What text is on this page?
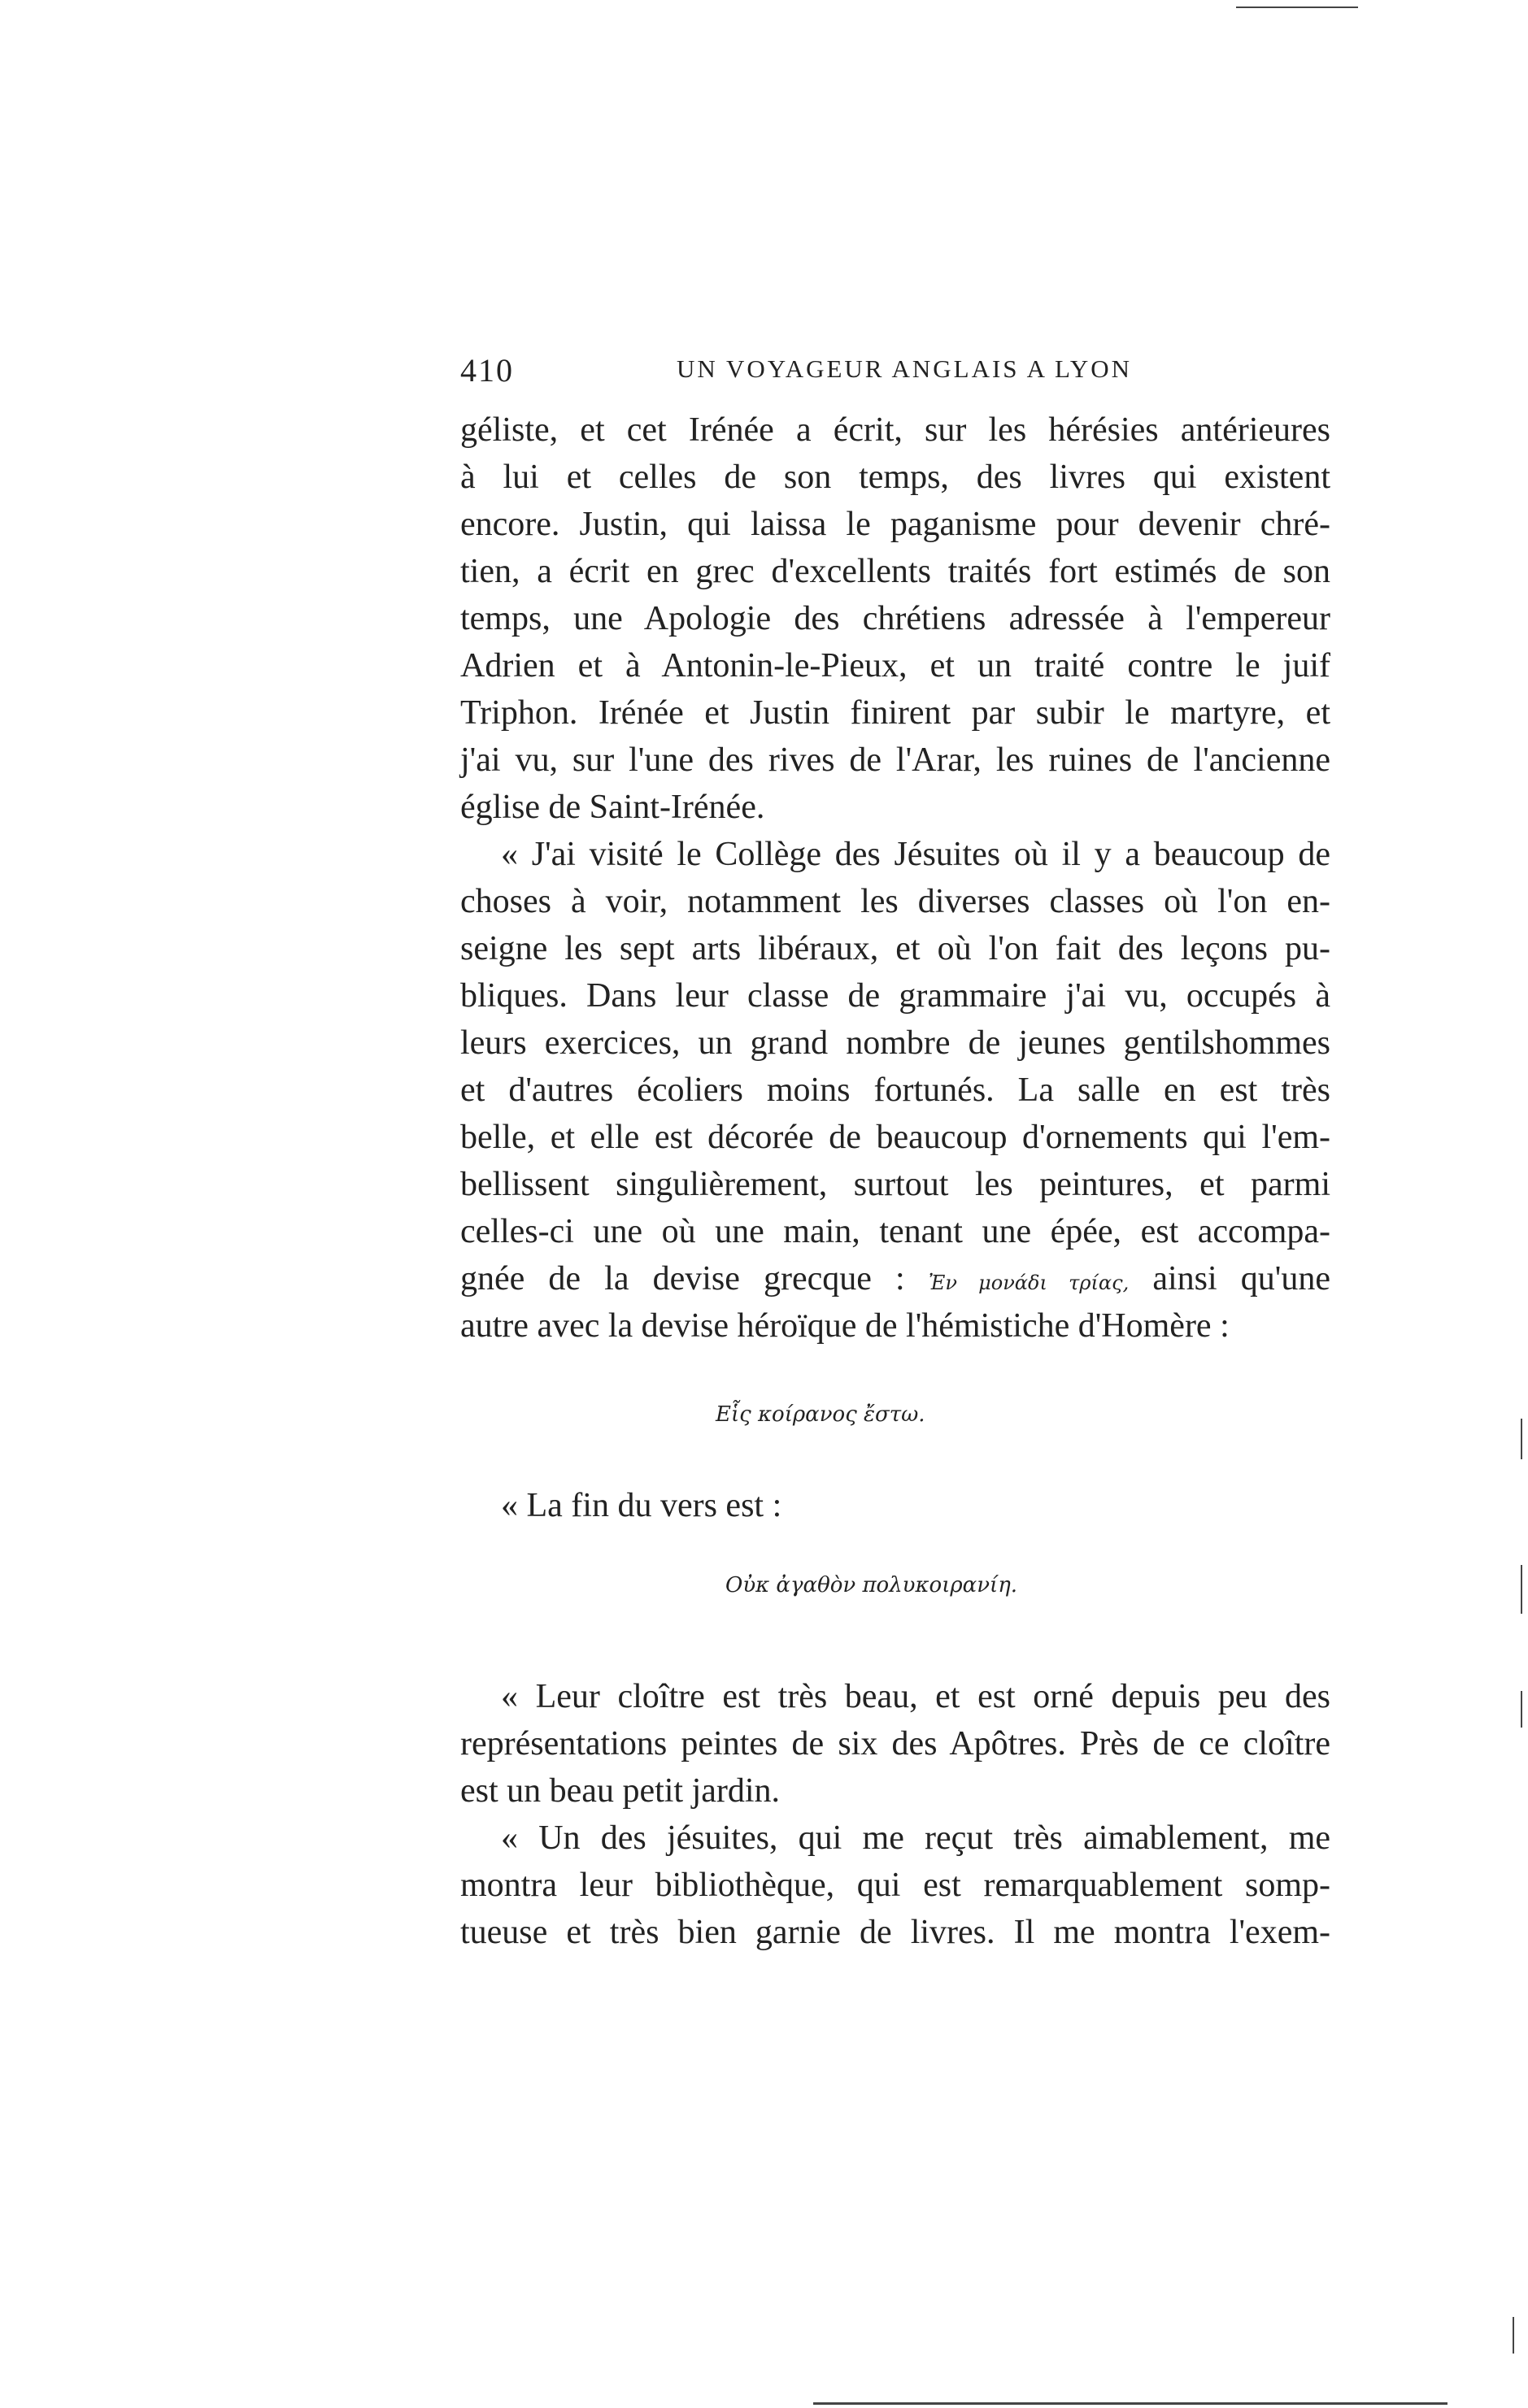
410	UN VOYAGEUR ANGLAIS A LYON
géliste, et cet Irénée a écrit, sur les hérésies antérieures
à lui et celles de son temps, des livres qui existent
encore. Justin, qui laissa le paganisme pour devenir chré-
tien, a écrit en grec d'excellents traités fort estimés de son
temps, une Apologie des chrétiens adressée à l'empereur
Adrien et à Antonin-le-Pieux, et un traité contre le juif
Triphon. Irénée et Justin finirent par subir le martyre, et
j'ai vu, sur l'une des rives de l'Arar, les ruines de l'ancienne
église de Saint-Irénée.
« J'ai visité le Collège des Jésuites où il y a beaucoup de
choses à voir, notamment les diverses classes où l'on en-
seigne les sept arts libéraux, et où l'on fait des leçons pu-
bliques. Dans leur classe de grammaire j'ai vu, occupés à
leurs exercices, un grand nombre de jeunes gentilshommes
et d'autres écoliers moins fortunés. La salle en est très
belle, et elle est décorée de beaucoup d'ornements qui l'em-
bellissent singulièrement, surtout les peintures, et parmi
celles-ci une où une main, tenant une épée, est accompa-
gnée de la devise grecque : Ἐν μονάδι τρίας, ainsi qu'une
autre avec la devise héroïque de l'hémistiche d'Homère :
Εἷς κοίρανος ἔστω.
« La fin du vers est :
Οὐκ ἀγαθὸν πολυκοιρανίη.
« Leur cloître est très beau, et est orné depuis peu des
représentations peintes de six des Apôtres. Près de ce cloître
est un beau petit jardin.
« Un des jésuites, qui me reçut très aimablement, me
montra leur bibliothèque, qui est remarquablement somp-
tueuse et très bien garnie de livres. Il me montra l'exem-
